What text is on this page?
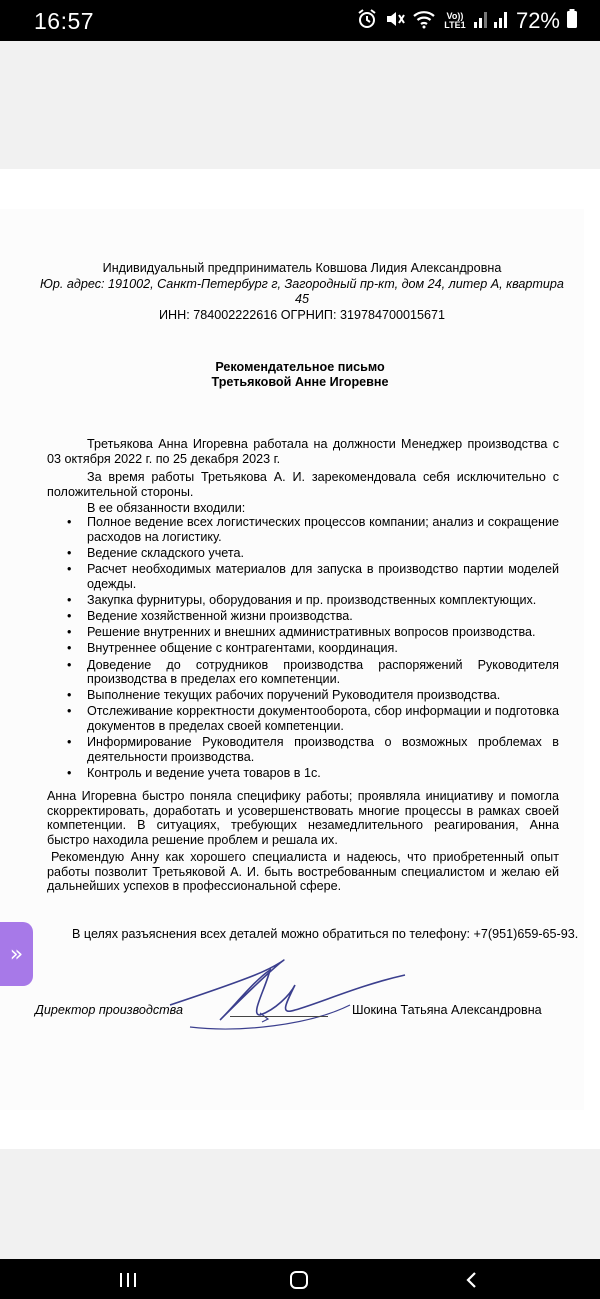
16:57	Vo)) LTE1 72%
Индивидуальный предприниматель Ковшова Лидия Александровна
Юр. адрес: 191002, Санкт-Петербург г, Загородный пр-кт, дом 24, литер А, квартира 45
ИНН: 784002222616 ОГРНИП: 319784700015671
Рекомендательное письмо
Третьяковой Анне Игоревне
Третьякова Анна Игоревна работала на должности Менеджер производства с 03 октября 2022 г. по 25 декабря 2023 г.
За время работы Третьякова А. И. зарекомендовала себя исключительно с положительной стороны.
В ее обязанности входили:
• Полное ведение всех логистических процессов компании; анализ и сокращение расходов на логистику.
• Ведение складского учета.
• Расчет необходимых материалов для запуска в производство партии моделей одежды.
• Закупка фурнитуры, оборудования и пр. производственных комплектующих.
• Ведение хозяйственной жизни производства.
• Решение внутренних и внешних административных вопросов производства.
• Внутреннее общение с контрагентами, координация.
• Доведение до сотрудников производства распоряжений Руководителя производства в пределах его компетенции.
• Выполнение текущих рабочих поручений Руководителя производства.
• Отслеживание корректности документооборота, сбор информации и подготовка документов в пределах своей компетенции.
• Информирование Руководителя производства о возможных проблемах в деятельности производства.
• Контроль и ведение учета товаров в 1с.
Анна Игоревна быстро поняла специфику работы; проявляла инициативу и помогла скорректировать, доработать и усовершенствовать многие процессы в рамках своей компетенции. В ситуациях, требующих незамедлительного реагирования, Анна быстро находила решение проблем и решала их.
Рекомендую Анну как хорошего специалиста и надеюсь, что приобретенный опыт работы позволит Третьяковой А. И. быть востребованным специалистом и желаю ей дальнейших успехов в профессиональной сфере.
В целях разъяснения всех деталей можно обратиться по телефону: +7(951)659-65-93.
Директор производства	Шокина Татьяна Александровна
»
